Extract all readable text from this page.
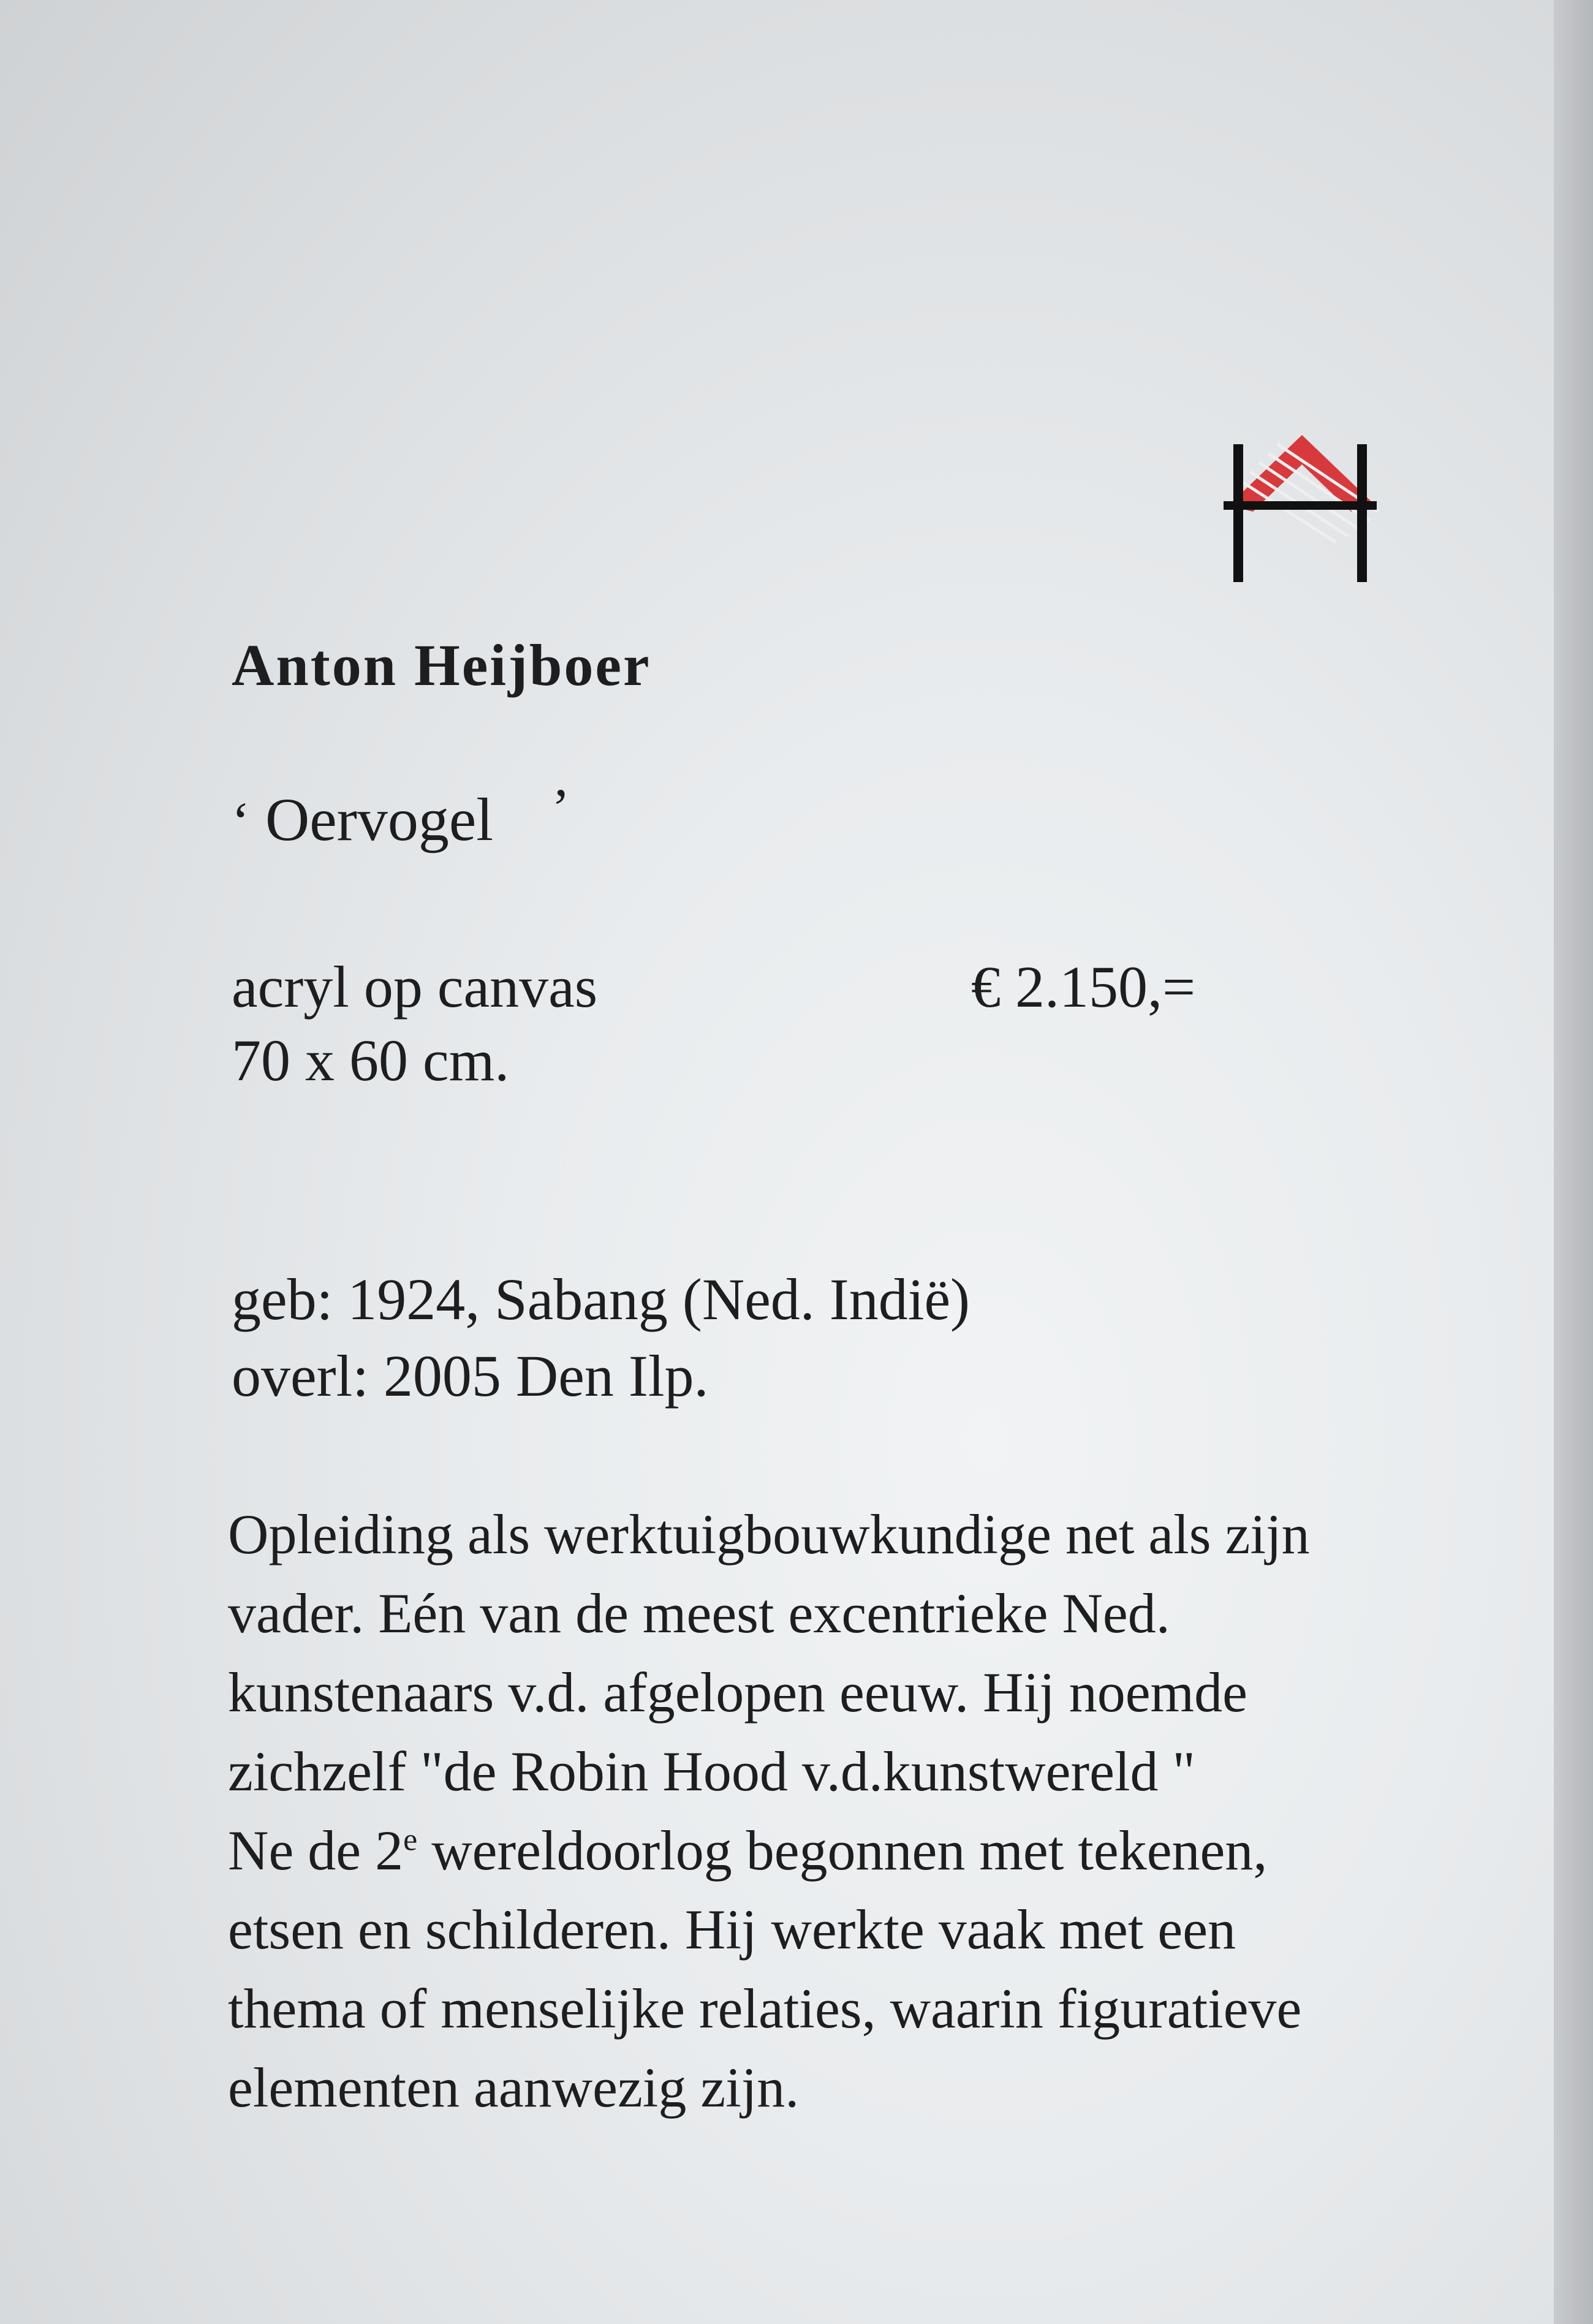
Anton Heijboer
‘ Oervogel ’
acryl op canvas
70 x 60 cm.
€ 2.150,=
geb: 1924, Sabang (Ned. Indië)
overl: 2005 Den Ilp.
Opleiding als werktuigbouwkundige net als zijn
vader. Eén van de meest excentrieke Ned.
kunstenaars v.d. afgelopen eeuw. Hij noemde
zichzelf "de Robin Hood v.d.kunstwereld "
Ne de 2e wereldoorlog begonnen met tekenen,
etsen en schilderen. Hij werkte vaak met een
thema of menselijke relaties, waarin figuratieve
elementen aanwezig zijn.
